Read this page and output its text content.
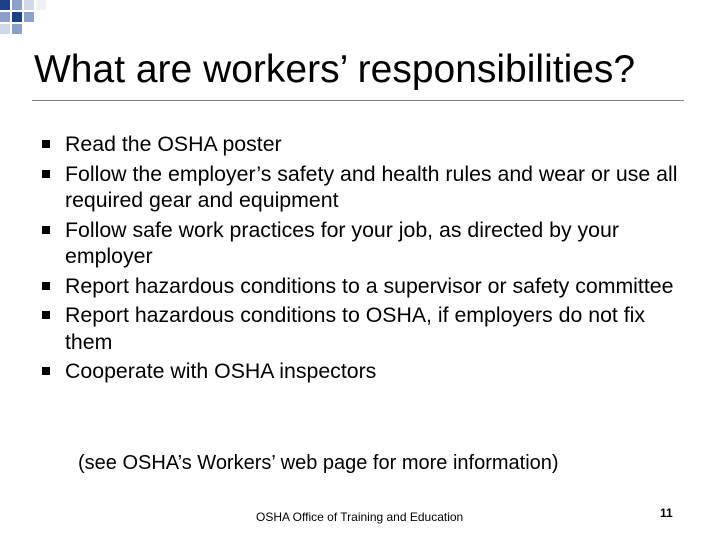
What are workers’ responsibilities?
Read the OSHA poster
Follow the employer’s safety and health rules and wear or use all required gear and equipment
Follow safe work practices for your job, as directed by your employer
Report hazardous conditions to a supervisor or safety committee
Report hazardous conditions to OSHA, if employers do not fix them
Cooperate with OSHA inspectors

(see OSHA’s Workers’ web page for more information)

OSHA Office of Training and Education	11
